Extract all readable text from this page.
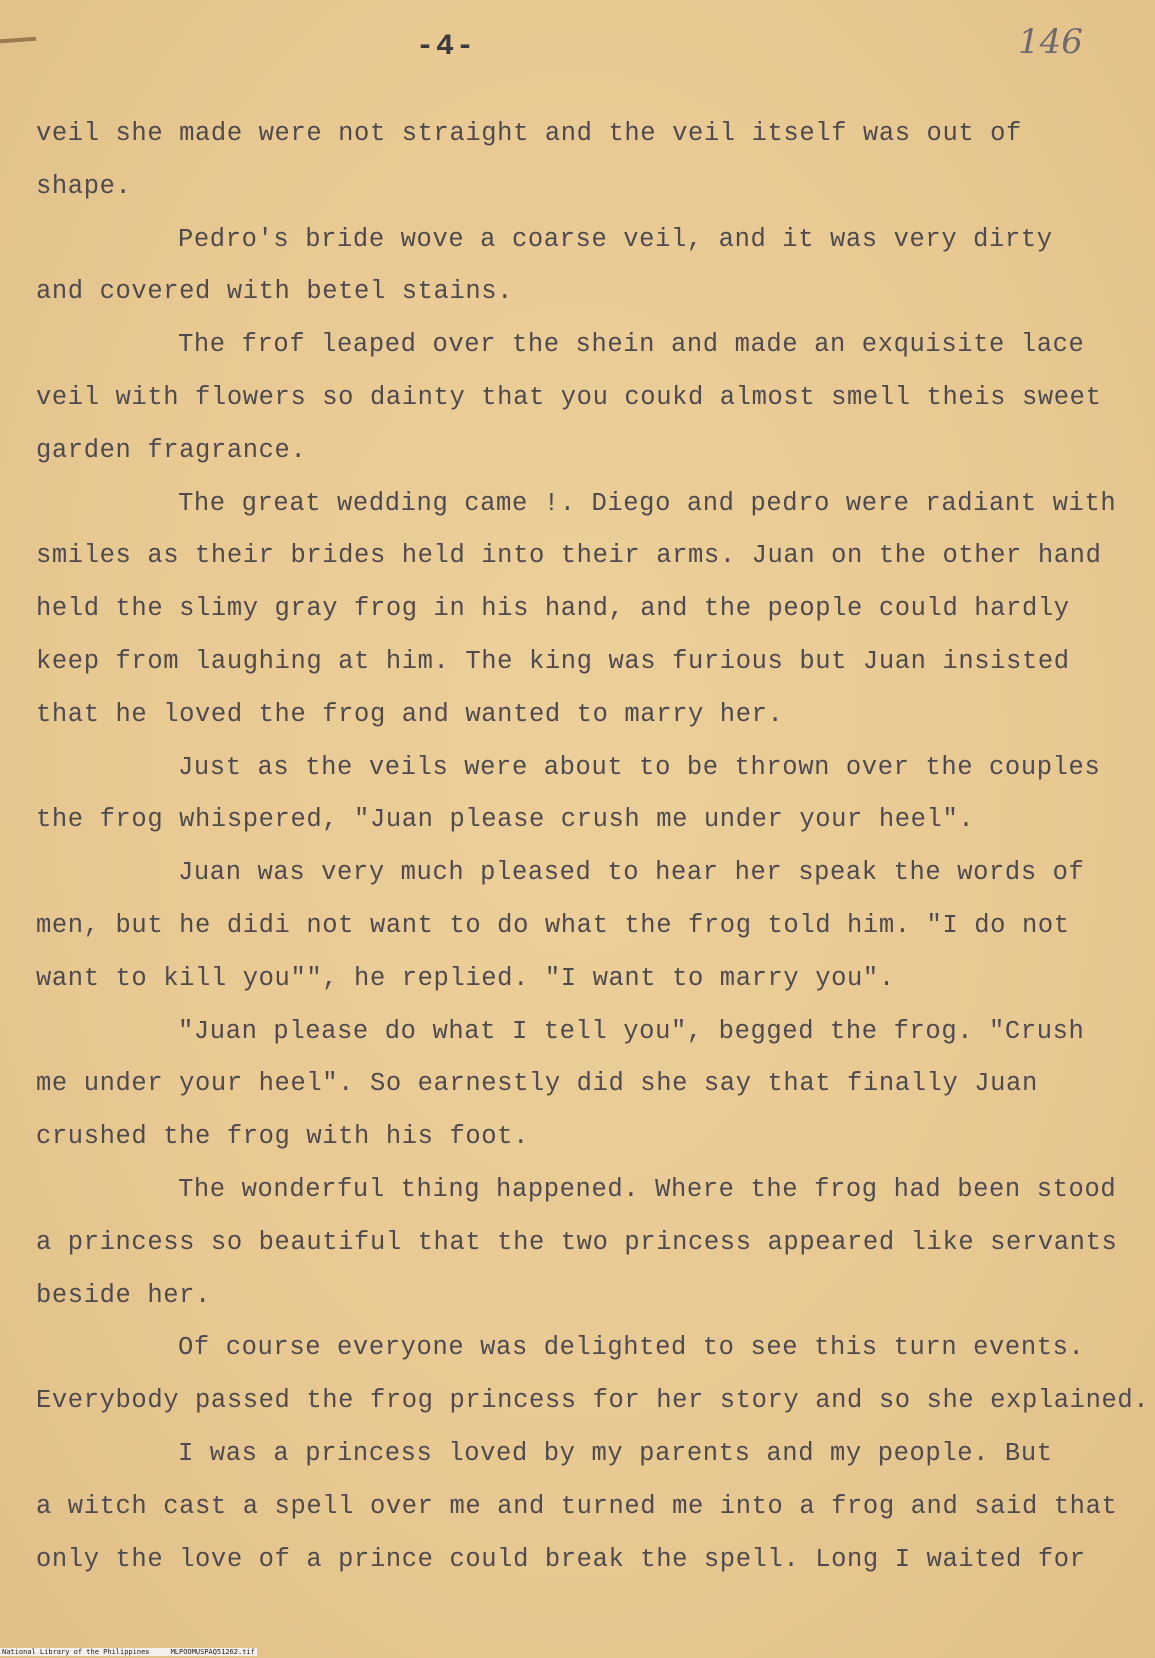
-4-	146
veil she made were not straight and the veil itself was out of
shape.
Pedro's bride wove a coarse veil, and it was very dirty
and covered with betel stains.
The frof leaped over the shein and made an exquisite lace
veil with flowers so dainty that you coukd almost smell theis sweet
garden fragrance.
The great wedding came !. Diego and pedro were radiant with
smiles as their brides held into their arms. Juan on the other hand
held the slimy gray frog in his hand, and the people could hardly
keep from laughing at him. The king was furious but Juan insisted
that he loved the frog and wanted to marry her.
Just as the veils were about to be thrown over the couples
the frog whispered, "Juan please crush me under your heel".
Juan was very much pleased to hear her speak the words of
men, but he didi not want to do what the frog told him. "I do not
want to kill you"", he replied. "I want to marry you".
"Juan please do what I tell you", begged the frog. "Crush
me under your heel". So earnestly did she say that finally Juan
crushed the frog with his foot.
The wonderful thing happened. Where the frog had been stood
a princess so beautiful that the two princess appeared like servants
beside her.
Of course everyone was delighted to see this turn events.
Everybody passed the frog princess for her story and so she explained.
I was a princess loved by my parents and my people. But
a witch cast a spell over me and turned me into a frog and said that
only the love of a prince could break the spell. Long I waited for
National Library of the Philippines     MLPOOMUSPAQ51262.tif
